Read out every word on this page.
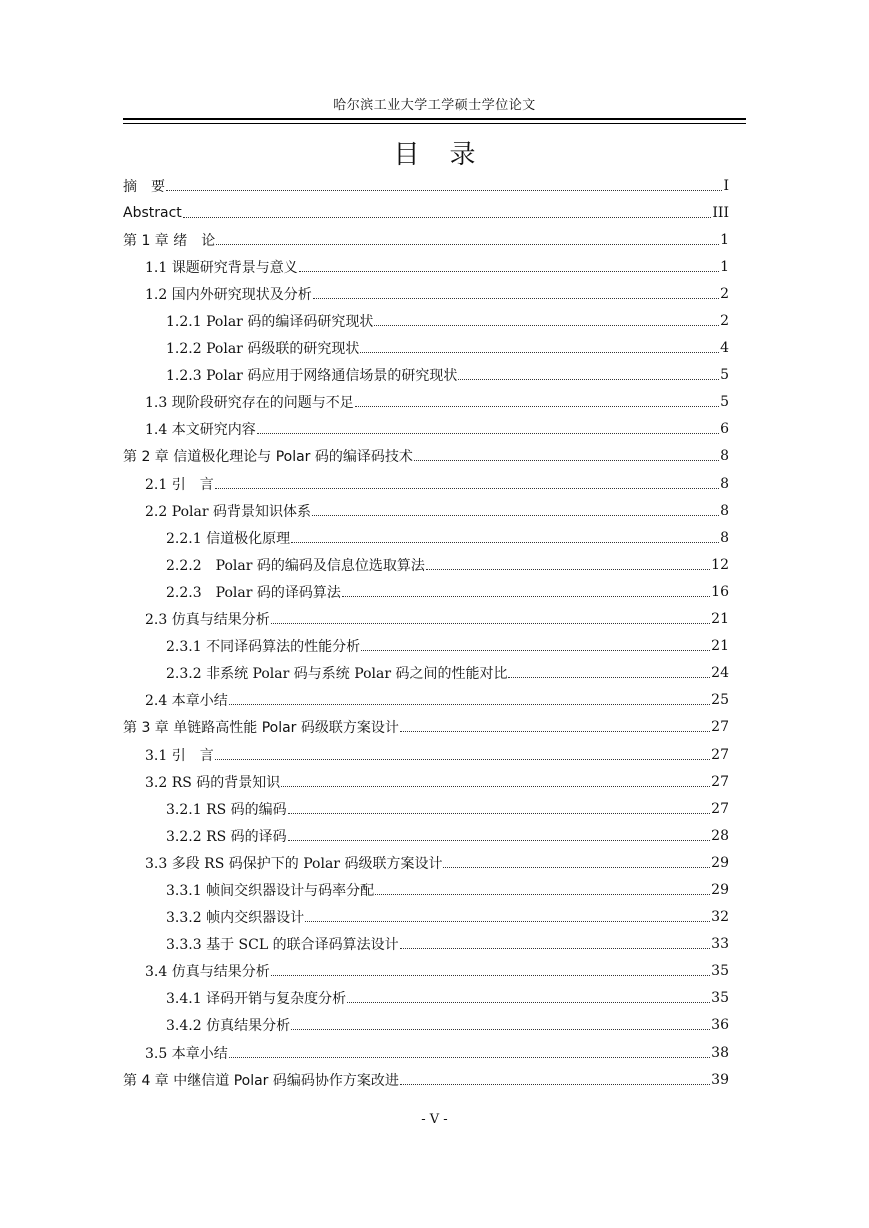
哈尔滨工业大学工学硕士学位论文
目录
摘　要	I
Abstract	III
第 1 章 绪　论	1
1.1 课题研究背景与意义	1
1.2 国内外研究现状及分析	2
1.2.1 Polar 码的编译码研究现状	2
1.2.2 Polar 码级联的研究现状	4
1.2.3 Polar 码应用于网络通信场景的研究现状	5
1.3 现阶段研究存在的问题与不足	5
1.4 本文研究内容	6
第 2 章 信道极化理论与 Polar 码的编译码技术	8
2.1 引　言	8
2.2 Polar 码背景知识体系	8
2.2.1 信道极化原理	8
2.2.2　Polar 码的编码及信息位选取算法	12
2.2.3　Polar 码的译码算法	16
2.3 仿真与结果分析	21
2.3.1 不同译码算法的性能分析	21
2.3.2 非系统 Polar 码与系统 Polar 码之间的性能对比	24
2.4 本章小结	25
第 3 章 单链路高性能 Polar 码级联方案设计	27
3.1 引　言	27
3.2 RS 码的背景知识	27
3.2.1 RS 码的编码	27
3.2.2 RS 码的译码	28
3.3 多段 RS 码保护下的 Polar 码级联方案设计	29
3.3.1 帧间交织器设计与码率分配	29
3.3.2 帧内交织器设计	32
3.3.3 基于 SCL 的联合译码算法设计	33
3.4 仿真与结果分析	35
3.4.1 译码开销与复杂度分析	35
3.4.2 仿真结果分析	36
3.5 本章小结	38
第 4 章 中继信道 Polar 码编码协作方案改进	39
- V -
